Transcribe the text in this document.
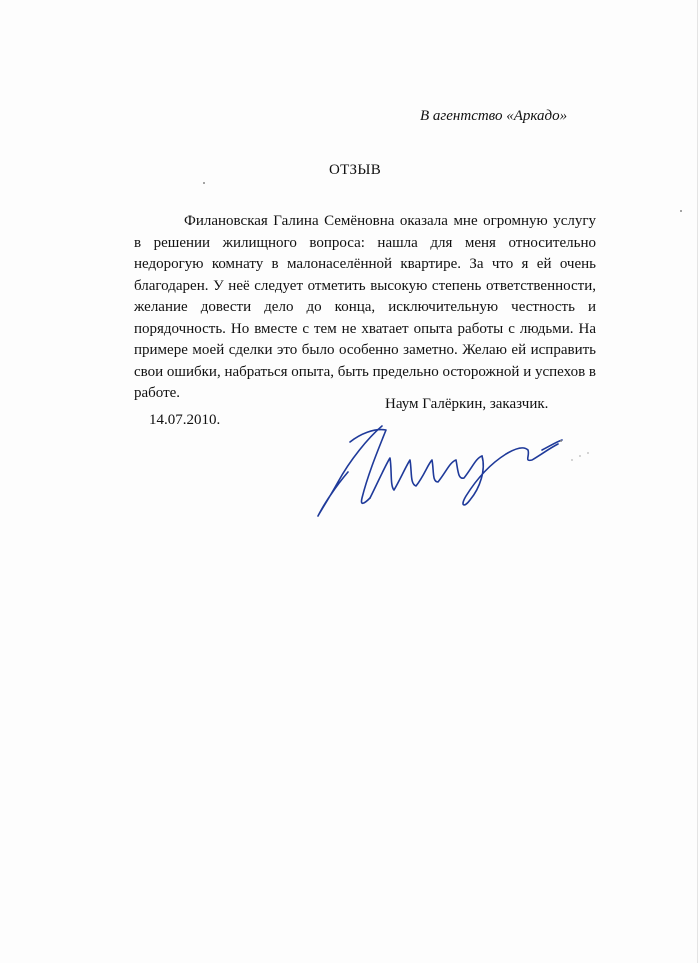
В агентство «Аркадо»
ОТЗЫВ
Филановская Галина Семёновна оказала мне огромную услугу в решении жилищного вопроса: нашла для меня относительно недорогую комнату в малонаселённой квартире. За что я ей очень благодарен. У неё следует отметить высокую степень ответственности, желание довести дело до конца, исключительную честность и порядочность. Но вместе с тем не хватает опыта работы с людьми. На примере моей сделки это было особенно заметно. Желаю ей исправить свои ошибки, набраться опыта, быть предельно осторожной и успехов в работе.
Наум Галёркин, заказчик.
14.07.2010.
